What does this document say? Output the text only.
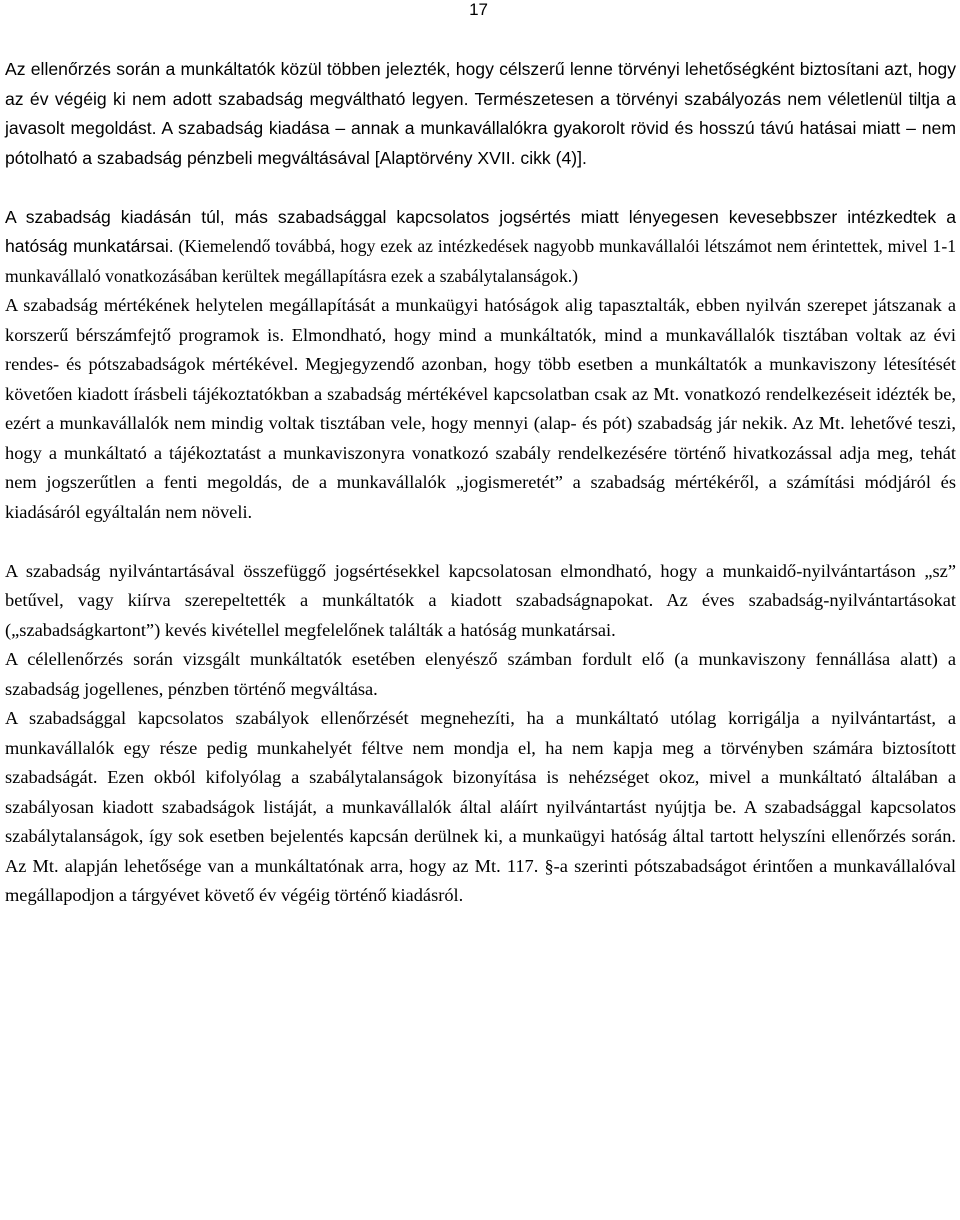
17

Az ellenőrzés során a munkáltatók közül többen jelezték, hogy célszerű lenne törvényi lehetőségként biztosítani azt, hogy az év végéig ki nem adott szabadság megváltható legyen. Természetesen a törvényi szabályozás nem véletlenül tiltja a javasolt megoldást. A szabadság kiadása – annak a munkavállalókra gyakorolt rövid és hosszú távú hatásai miatt – nem pótolható a szabadság pénzbeli megváltásával [Alaptörvény XVII. cikk (4)].

A szabadság kiadásán túl, más szabadsággal kapcsolatos jogsértés miatt lényegesen kevesebbszer intézkedtek a hatóság munkatársai. (Kiemelendő továbbá, hogy ezek az intézkedések nagyobb munkavállalói létszámot nem érintettek, mivel 1-1 munkavállaló vonatkozásában kerültek megállapításra ezek a szabálytalanságok.)

A szabadság mértékének helytelen megállapítását a munkaügyi hatóságok alig tapasztalták, ebben nyilván szerepet játszanak a korszerű bérszámfejtő programok is. Elmondható, hogy mind a munkáltatók, mind a munkavállalók tisztában voltak az évi rendes- és pótszabadságok mértékével. Megjegyzendő azonban, hogy több esetben a munkáltatók a munkaviszony létesítését követően kiadott írásbeli tájékoztatókban a szabadság mértékével kapcsolatban csak az Mt. vonatkozó rendelkezéseit idézték be, ezért a munkavállalók nem mindig voltak tisztában vele, hogy mennyi (alap- és pót) szabadság jár nekik. Az Mt. lehetővé teszi, hogy a munkáltató a tájékoztatást a munkaviszonyra vonatkozó szabály rendelkezésére történő hivatkozással adja meg, tehát nem jogszerűtlen a fenti megoldás, de a munkavállalók „jogismeretét” a szabadság mértékéről, a számítási módjáról és kiadásáról egyáltalán nem növeli.

A szabadság nyilvántartásával összefüggő jogsértésekkel kapcsolatosan elmondható, hogy a munkaidő-nyilvántartáson „sz” betűvel, vagy kiírva szerepeltették a munkáltatók a kiadott szabadságnapokat. Az éves szabadság-nyilvántartásokat („szabadságkartont”) kevés kivétellel megfelelőnek találták a hatóság munkatársai.

A célellenőrzés során vizsgált munkáltatók esetében elenyésző számban fordult elő (a munkaviszony fennállása alatt) a szabadság jogellenes, pénzben történő megváltása.

A szabadsággal kapcsolatos szabályok ellenőrzését megnehezíti, ha a munkáltató utólag korrigálja a nyilvántartást, a munkavállalók egy része pedig munkahelyét féltve nem mondja el, ha nem kapja meg a törvényben számára biztosított szabadságát. Ezen okból kifolyólag a szabálytalanságok bizonyítása is nehézséget okoz, mivel a munkáltató általában a szabályosan kiadott szabadságok listáját, a munkavállalók által aláírt nyilvántartást nyújtja be. A szabadsággal kapcsolatos szabálytalanságok, így sok esetben bejelentés kapcsán derülnek ki, a munkaügyi hatóság által tartott helyszíni ellenőrzés során. Az Mt. alapján lehetősége van a munkáltatónak arra, hogy az Mt. 117. §-a szerinti pótszabadságot érintően a munkavállalóval megállapodjon a tárgyévet követő év végéig történő kiadásról.
